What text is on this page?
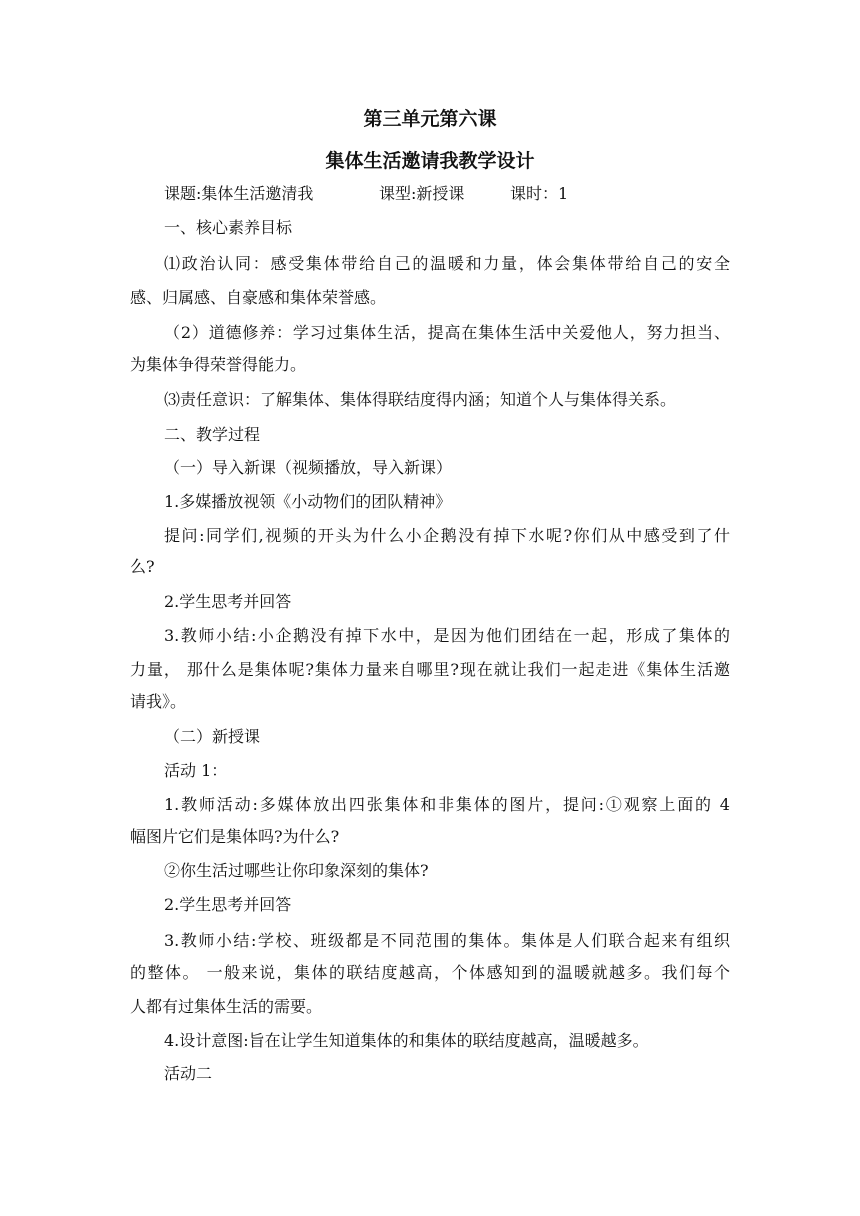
第三单元第六课
集体生活邀请我教学设计

课题:集体生活邀清我	课型:新授课	课时：1

一、核心素养目标

⑴政治认同：感受集体带给自己的温暖和力量，体会集体带给自己的安全

感、归属感、自豪感和集体荣誉感。

（2）道德修养：学习过集体生活，提高在集体生活中关爱他人，努力担当、

为集体争得荣誉得能力。

⑶责任意识：了解集体、集体得联结度得内涵；知道个人与集体得关系。

二、教学过程

（一）导入新课（视频播放，导入新课）

1.多媒播放视领《小动物们的团队精神》

提问:同学们,视频的开头为什么小企鹅没有掉下水呢?你们从中感受到了什

么?

2.学生思考并回答

3.教师小结:小企鹅没有掉下水中，是因为他们团结在一起，形成了集体的

力量， 那什么是集体呢?集体力量来自哪里?现在就让我们一起走进《集体生活邀

请我》。

（二）新授课

活动 1：

1.教师活动:多媒体放出四张集体和非集体的图片，提问:①观察上面的 4

幅图片它们是集体吗?为什么?

②你生活过哪些让你印象深刻的集体?

2.学生思考并回答

3.教师小结:学校、班级都是不同范围的集体。集体是人们联合起来有组织

的整体。 一般来说，集体的联结度越高，个体感知到的温暖就越多。我们每个

人都有过集体生活的需要。

4.设计意图:旨在让学生知道集体的和集体的联结度越高，温暖越多。

活动二
